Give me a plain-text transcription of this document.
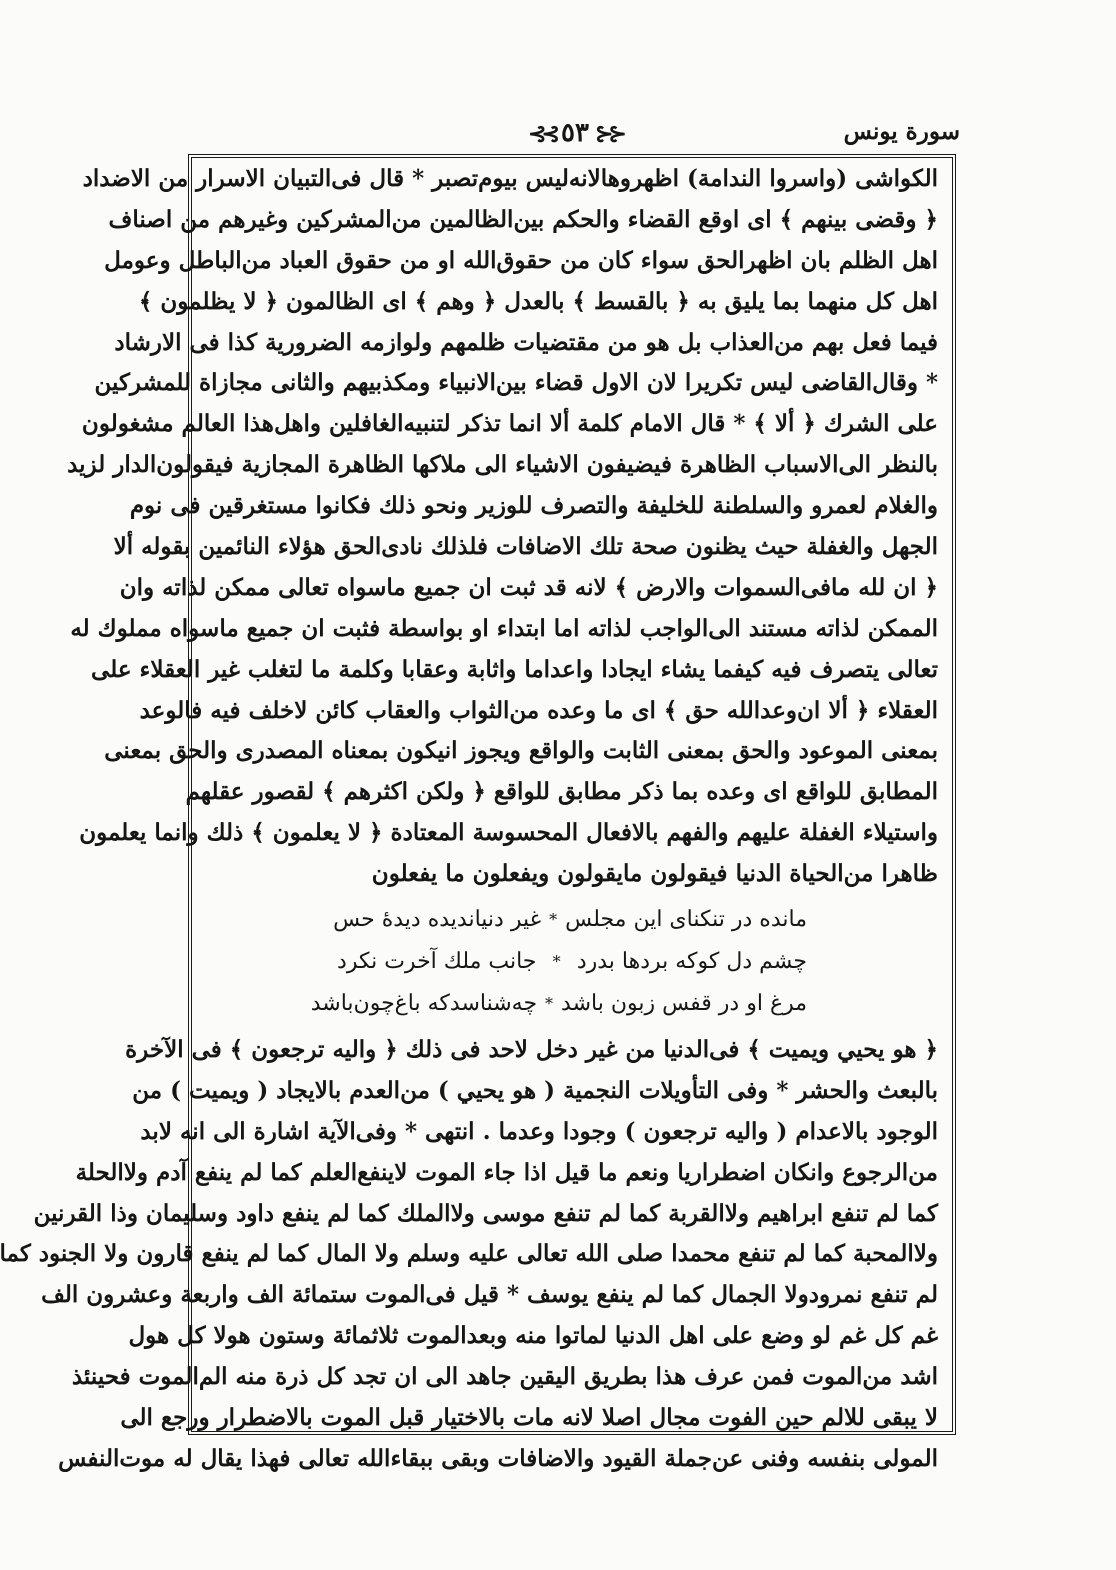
سورة يونس
⊰⊰٥٣⊱⊱
الكواشى (واسروا الندامة) اظهروهالانه‌ليس بيوم‌تصبر * قال فى‌التبيان الاسرار من الاضداد
﴿ وقضى بينهم ﴾ اى اوقع القضاء والحكم بين‌الظالمين من‌المشركين وغيرهم من اصناف
اهل الظلم بان اظهرالحق سواء كان من حقوق‌الله او من حقوق العباد من‌الباطل وعومل
اهل كل منهما بما يليق به ﴿ بالقسط ﴾ بالعدل ﴿ وهم ﴾ اى الظالمون ﴿ لا يظلمون ﴾
فيما فعل بهم من‌العذاب بل هو من مقتضيات ظلمهم ولوازمه الضرورية كذا فى الارشاد
* وقال‌القاضى ليس تكريرا لان الاول قضاء بين‌الانبياء ومكذبيهم والثانى مجازاة للمشركين
على الشرك ﴿ ألا ﴾ * قال الامام كلمة ألا انما تذكر لتنبيه‌الغافلين واهل‌هذا العالم مشغولون
بالنظر الى‌الاسباب الظاهرة فيضيفون الاشياء الى ملاكها الظاهرة المجازية فيقولون‌الدار لزيد
والغلام لعمرو والسلطنة للخليفة والتصرف للوزير ونحو ذلك فكانوا مستغرقين فى نوم
الجهل والغفلة حيث يظنون صحة تلك الاضافات فلذلك نادى‌الحق هؤلاء النائمين بقوله ألا
﴿ ان لله مافى‌السموات والارض ﴾ لانه قد ثبت ان جميع ماسواه تعالى ممكن لذاته وان
الممكن لذاته مستند الى‌الواجب لذاته اما ابتداء او بواسطة فثبت ان جميع ماسواه مملوك له
تعالى يتصرف فيه كيفما يشاء ايجادا واعداما واثابة وعقابا وكلمة ما لتغلب غير العقلاء على
العقلاء ﴿ ألا ان‌وعدالله حق ﴾ اى ما وعده من‌الثواب والعقاب كائن لاخلف فيه فالوعد
بمعنى الموعود والحق بمعنى الثابت والواقع ويجوز انيكون بمعناه المصدرى والحق بمعنى
المطابق للواقع اى وعده بما ذكر مطابق للواقع ﴿ ولكن اكثرهم ﴾ لقصور عقلهم
واستيلاء الغفلة عليهم والفهم بالافعال المحسوسة المعتادة ﴿ لا يعلمون ﴾ ذلك وانما يعلمون
ظاهرا من‌الحياة الدنيا فيقولون مايقولون ويفعلون ما يفعلون
مانده در تنكناى اين مجلس
*
غير دنيانديده ديدهٔ حس
چشم دل كوكه بردها بدرد
*
جانب ملك آخرت نكرد
مرغ او در قفس زبون باشد
*
چه‌شناسدكه باغ‌چون‌باشد
﴿ هو يحيي ويميت ﴾ فى‌الدنيا من غير دخل لاحد فى ذلك ﴿ واليه ترجعون ﴾ فى الآخرة
بالبعث والحشر * وفى التأويلات النجمية ( هو يحيي ) من‌العدم بالايجاد ( ويميت ) من
الوجود بالاعدام ( واليه ترجعون ) وجودا وعدما . انتهى * وفى‌الآية اشارة الى انه لابد
من‌الرجوع وانكان اضطراريا ونعم ما قيل اذا جاء الموت لاينفع‌العلم كما لم ينفع آدم ولاالحلة
كما لم تنفع ابراهيم ولاالقربة كما لم تنفع موسى ولاالملك كما لم ينفع داود وسليمان وذا القرنين
ولاالمحبة كما لم تنفع محمدا صلى الله تعالى عليه وسلم ولا المال كما لم ينفع قارون ولا الجنود كما
لم تنفع نمرودولا الجمال كما لم ينفع يوسف * قيل فى‌الموت ستمائة الف واربعة وعشرون الف
غم كل غم لو وضع على اهل الدنيا لماتوا منه وبعدالموت ثلاثمائة وستون هولا كل هول
اشد من‌الموت فمن عرف هذا بطريق اليقين جاهد الى ان تجد كل ذرة منه الم‌الموت فحينئذ
لا يبقى للالم حين الفوت مجال اصلا لانه مات بالاختيار قبل الموت بالاضطرار ورجع الى
المولى بنفسه وفنى عن‌جملة القيود والاضافات وبقى ببقاءالله تعالى فهذا يقال له موت‌النفس
